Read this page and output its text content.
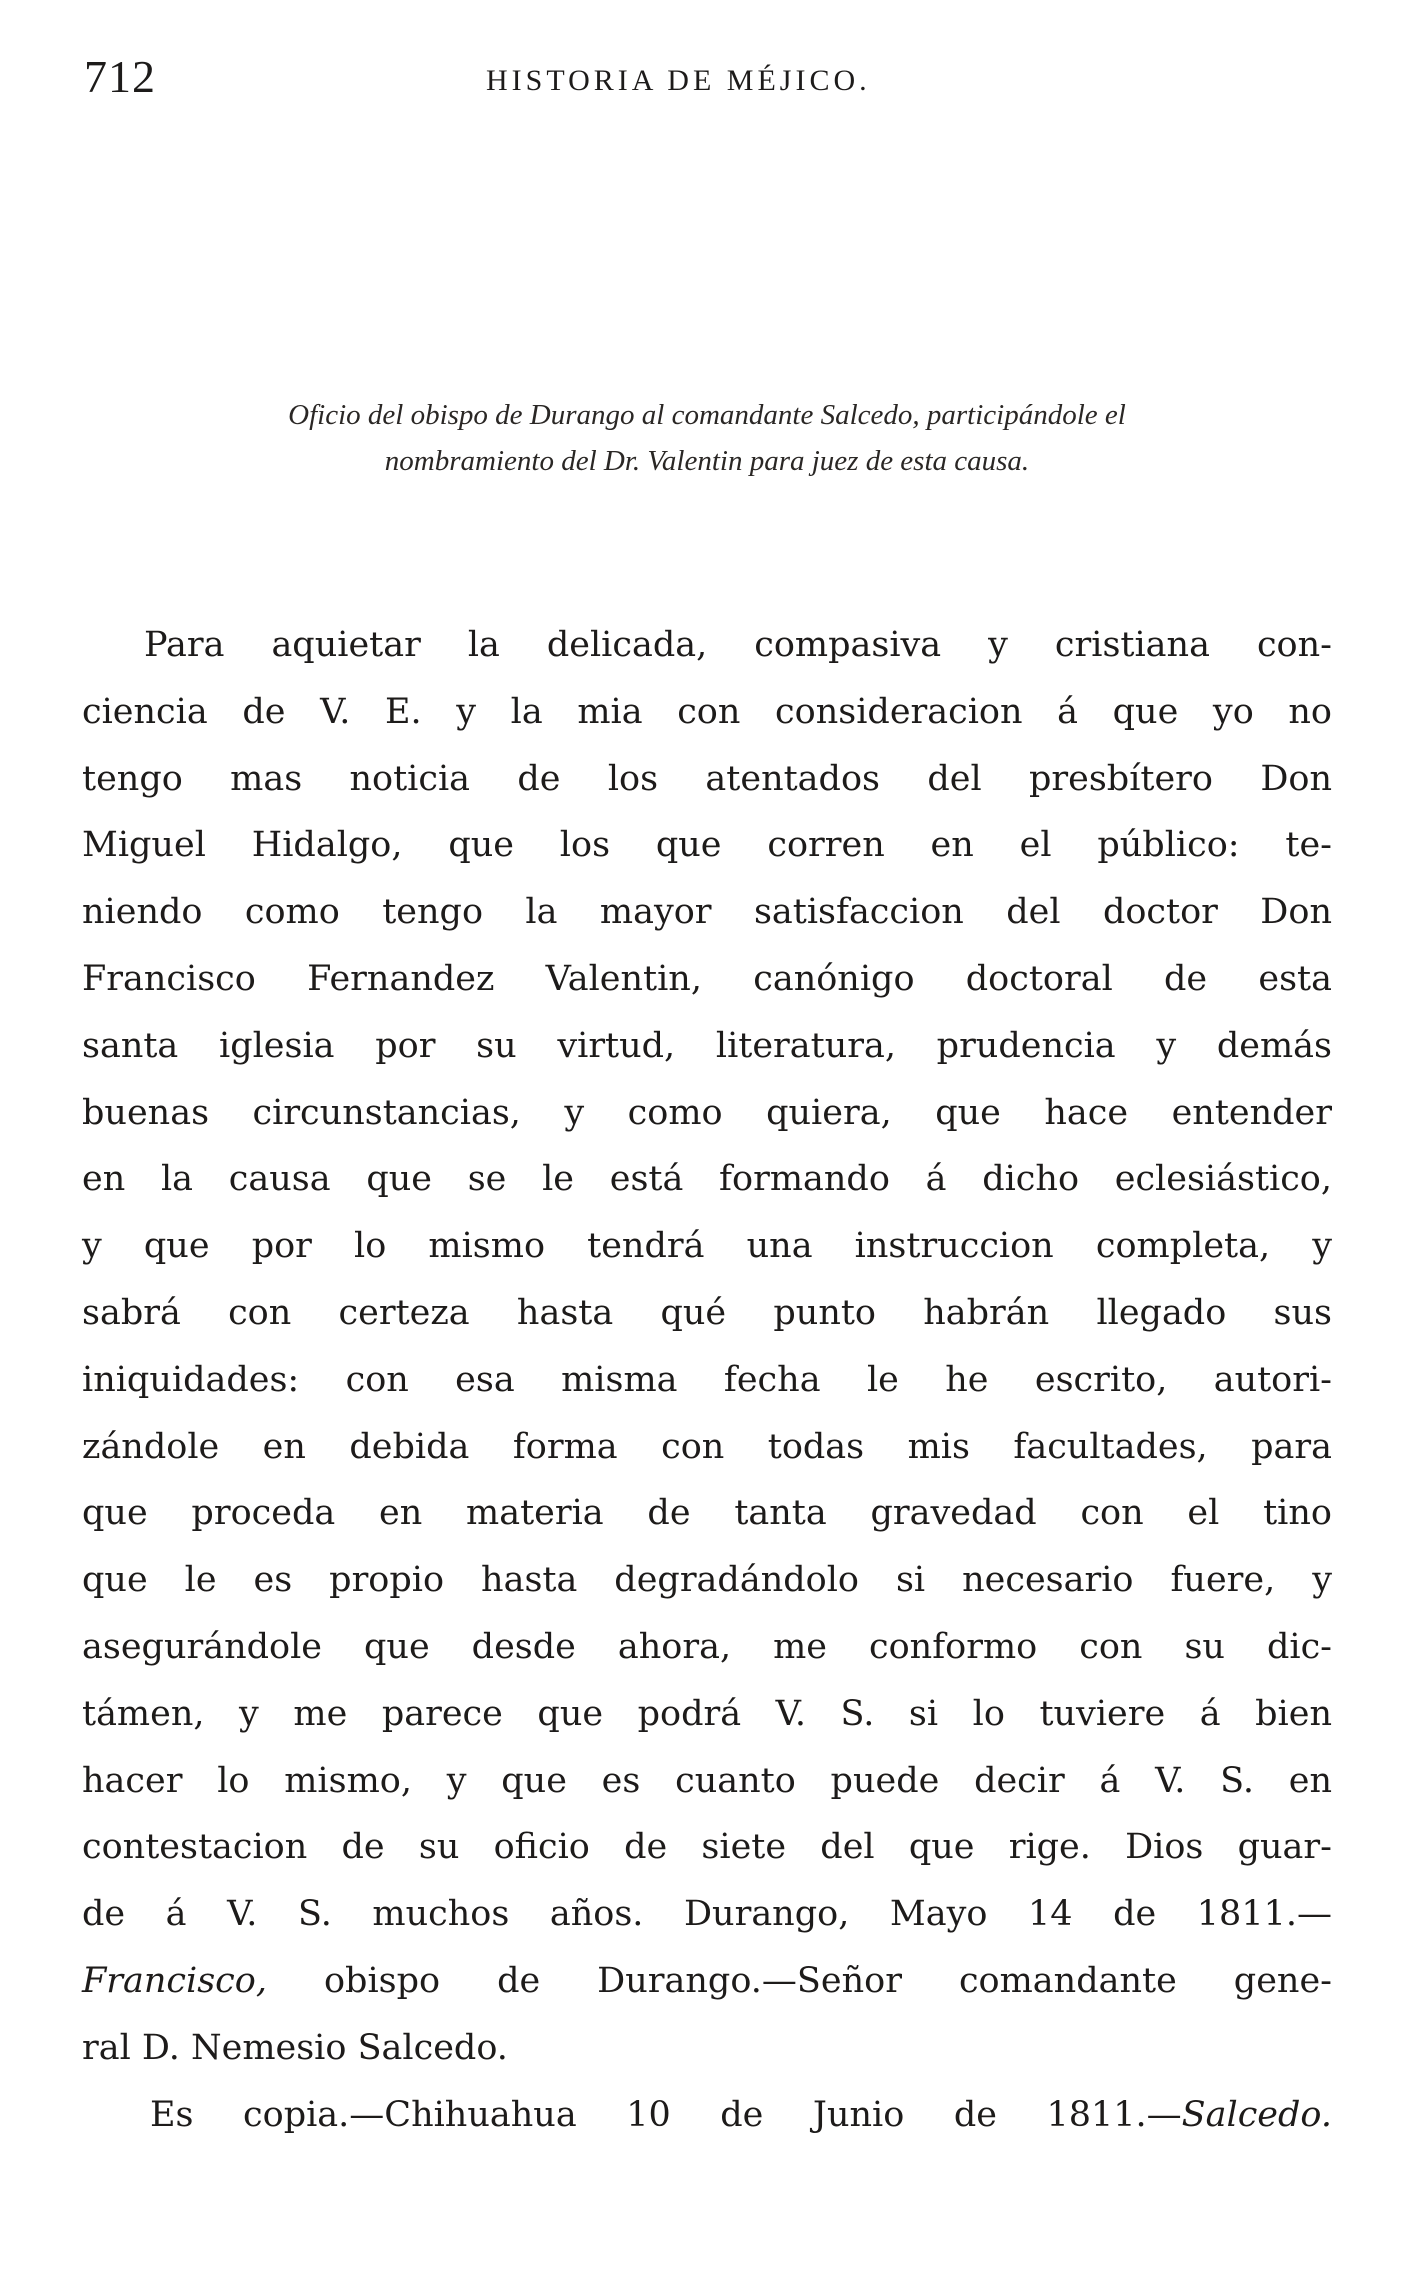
712	HISTORIA DE MÉJICO.
Oficio del obispo de Durango al comandante Salcedo, participándole el
nombramiento del Dr. Valentin para juez de esta causa.
Para aquietar la delicada, compasiva y cristiana con-
ciencia de V. E. y la mia con consideracion á que yo no
tengo mas noticia de los atentados del presbítero Don
Miguel Hidalgo, que los que corren en el público: te-
niendo como tengo la mayor satisfaccion del doctor Don
Francisco Fernandez Valentin, canónigo doctoral de esta
santa iglesia por su virtud, literatura, prudencia y demás
buenas circunstancias, y como quiera, que hace entender
en la causa que se le está formando á dicho eclesiástico,
y que por lo mismo tendrá una instruccion completa, y
sabrá con certeza hasta qué punto habrán llegado sus
iniquidades: con esa misma fecha le he escrito, autori-
zándole en debida forma con todas mis facultades, para
que proceda en materia de tanta gravedad con el tino
que le es propio hasta degradándolo si necesario fuere, y
asegurándole que desde ahora, me conformo con su dic-
támen, y me parece que podrá V. S. si lo tuviere á bien
hacer lo mismo, y que es cuanto puede decir á V. S. en
contestacion de su oficio de siete del que rige. Dios guar-
de á V. S. muchos años. Durango, Mayo 14 de 1811.—
Francisco, obispo de Durango.—Señor comandante gene-
ral D. Nemesio Salcedo.
Es copia.—Chihuahua 10 de Junio de 1811.—Salcedo.
